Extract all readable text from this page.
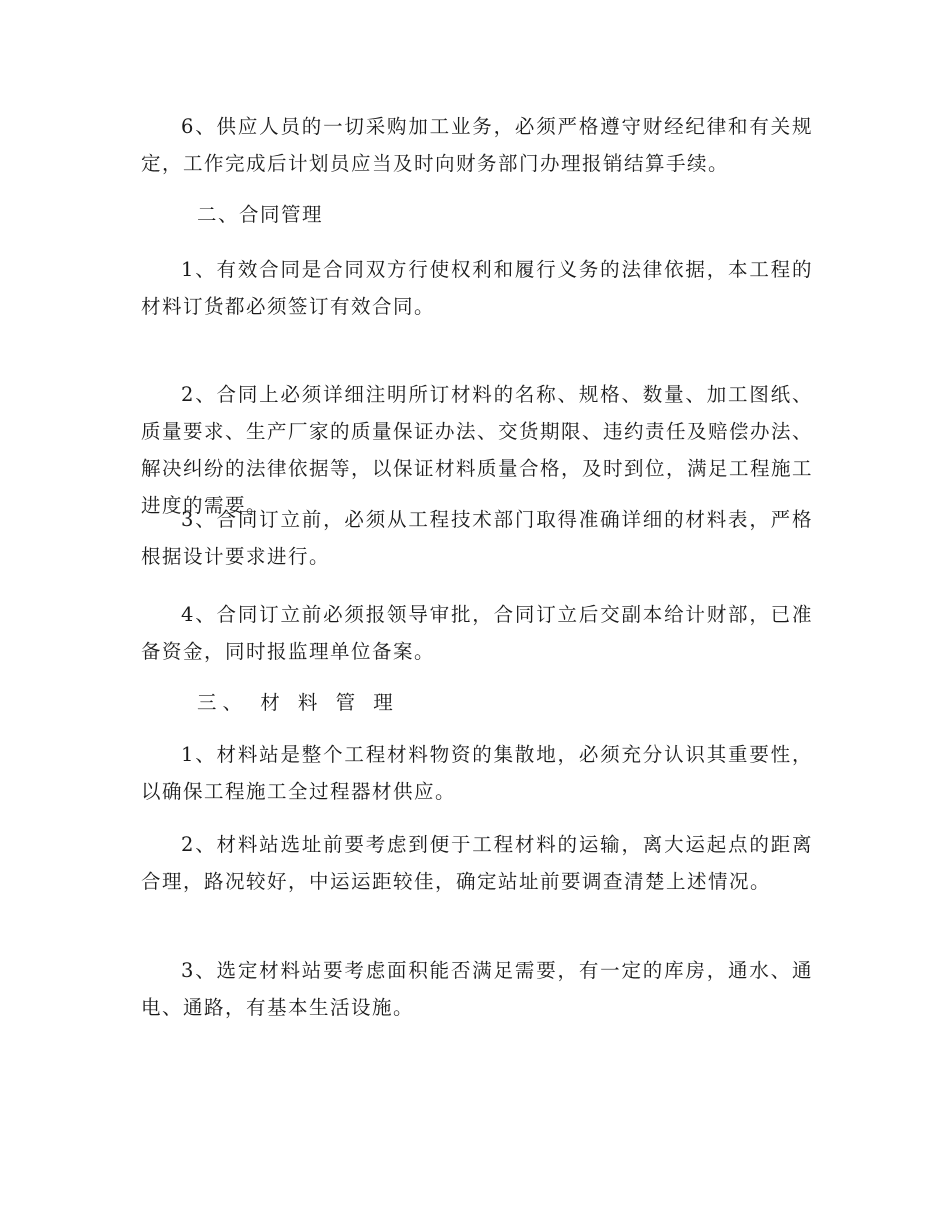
6、供应人员的一切采购加工业务，必须严格遵守财经纪律和有关规定，工作完成后计划员应当及时向财务部门办理报销结算手续。

二、合同管理

1、有效合同是合同双方行使权利和履行义务的法律依据，本工程的材料订货都必须签订有效合同。

2、合同上必须详细注明所订材料的名称、规格、数量、加工图纸、质量要求、生产厂家的质量保证办法、交货期限、违约责任及赔偿办法、解决纠纷的法律依据等，以保证材料质量合格，及时到位，满足工程施工进度的需要。

3、合同订立前，必须从工程技术部门取得准确详细的材料表，严格根据设计要求进行。

4、合同订立前必须报领导审批，合同订立后交副本给计财部，已准备资金，同时报监理单位备案。

三、 材 料 管 理

1、材料站是整个工程材料物资的集散地，必须充分认识其重要性，以确保工程施工全过程器材供应。

2、材料站选址前要考虑到便于工程材料的运输，离大运起点的距离合理，路况较好，中运运距较佳，确定站址前要调查清楚上述情况。

3、选定材料站要考虑面积能否满足需要，有一定的库房，通水、通电、通路，有基本生活设施。
